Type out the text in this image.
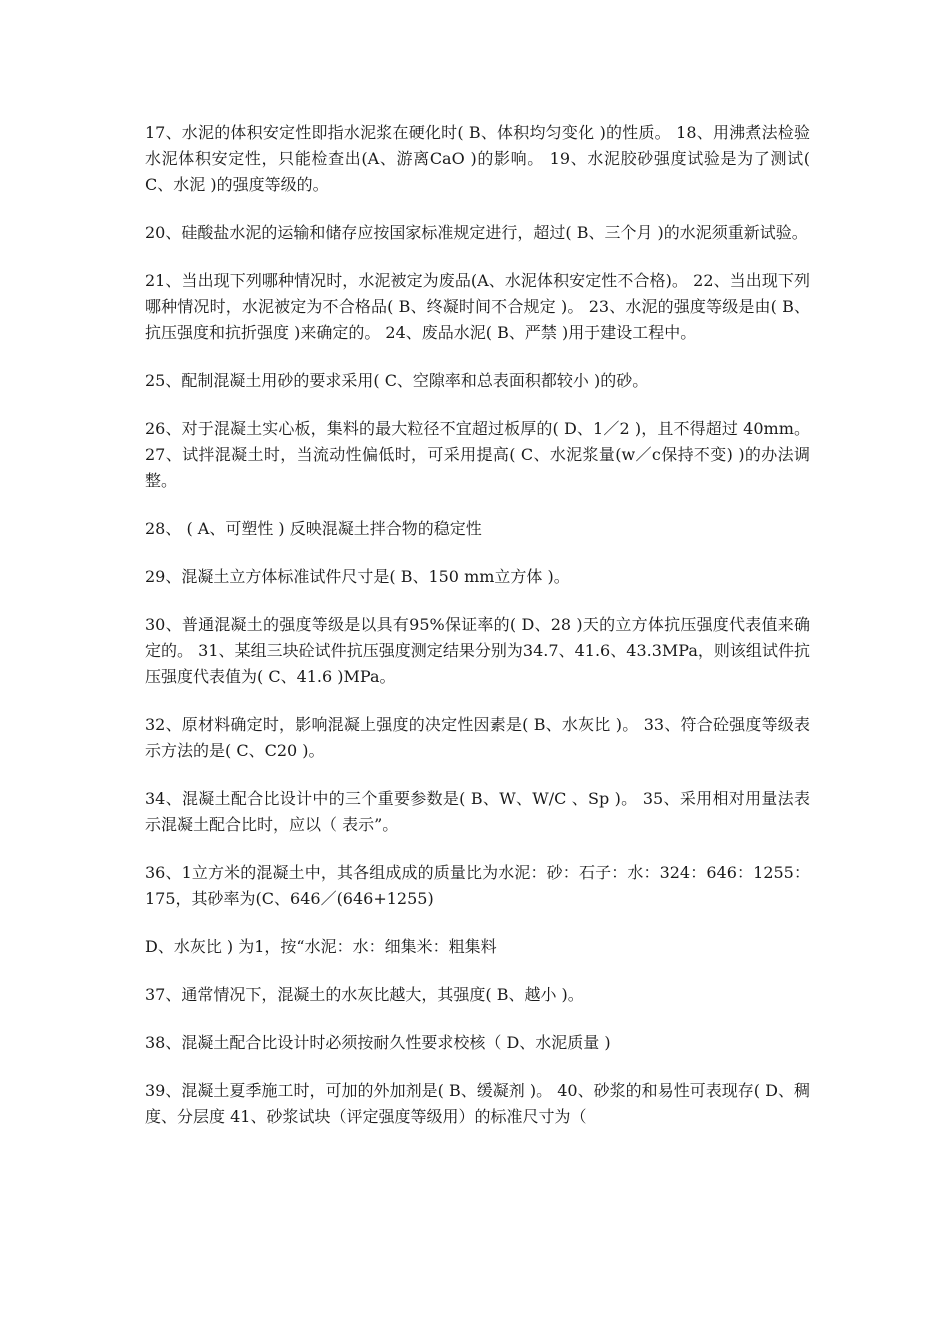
17、水泥的体积安定性即指水泥浆在硬化时( B、体积均匀变化 )的性质。 18、用沸煮法检验水泥体积安定性，只能检查出(A、游离CaO )的影响。 19、水泥胶砂强度试验是为了测试( C、水泥 )的强度等级的。

20、硅酸盐水泥的运输和储存应按国家标准规定进行，超过( B、三个月 )的水泥须重新试验。

21、当出现下列哪种情况时，水泥被定为废品(A、水泥体积安定性不合格)。 22、当出现下列哪种情况时，水泥被定为不合格品( B、终凝时间不合规定 )。 23、水泥的强度等级是由( B、抗压强度和抗折强度 )来确定的。 24、废品水泥( B、严禁 )用于建设工程中。

25、配制混凝土用砂的要求采用( C、空隙率和总表面积都较小 )的砂。

26、对于混凝土实心板，集料的最大粒径不宜超过板厚的( D、1／2 )，且不得超过 40mm。 27、试拌混凝土时，当流动性偏低时，可采用提高( C、水泥浆量(w／c保持不变) )的办法调整。

28、 ( A、可塑性 ) 反映混凝土拌合物的稳定性

29、混凝土立方体标准试件尺寸是( B、150 mm立方体 )。

30、普通混凝土的强度等级是以具有95%保证率的( D、28 )天的立方体抗压强度代表值来确定的。 31、某组三块砼试件抗压强度测定结果分别为34.7、41.6、43.3MPa，则该组试件抗压强度代表值为( C、41.6 )MPa。

32、原材料确定时，影响混凝上强度的决定性因素是( B、水灰比 )。 33、符合砼强度等级表示方法的是( C、C20 )。

34、混凝土配合比设计中的三个重要参数是( B、W、W/C 、Sp )。 35、采用相对用量法表示混凝土配合比时，应以（ 表示”。

36、1立方米的混凝土中，其各组成成的质量比为水泥：砂：石子：水：324：646：1255：175，其砂率为(C、646／(646+1255)

D、水灰比 ) 为1，按“水泥：水：细集米：粗集料

37、通常情况下，混凝土的水灰比越大，其强度( B、越小 )。

38、混凝土配合比设计时必须按耐久性要求校核（ D、水泥质量 )

39、混凝土夏季施工时，可加的外加剂是( B、缓凝剂 )。 40、砂浆的和易性可表现存( D、稠度、分层度 41、砂浆试块（评定强度等级用）的标准尺寸为（
